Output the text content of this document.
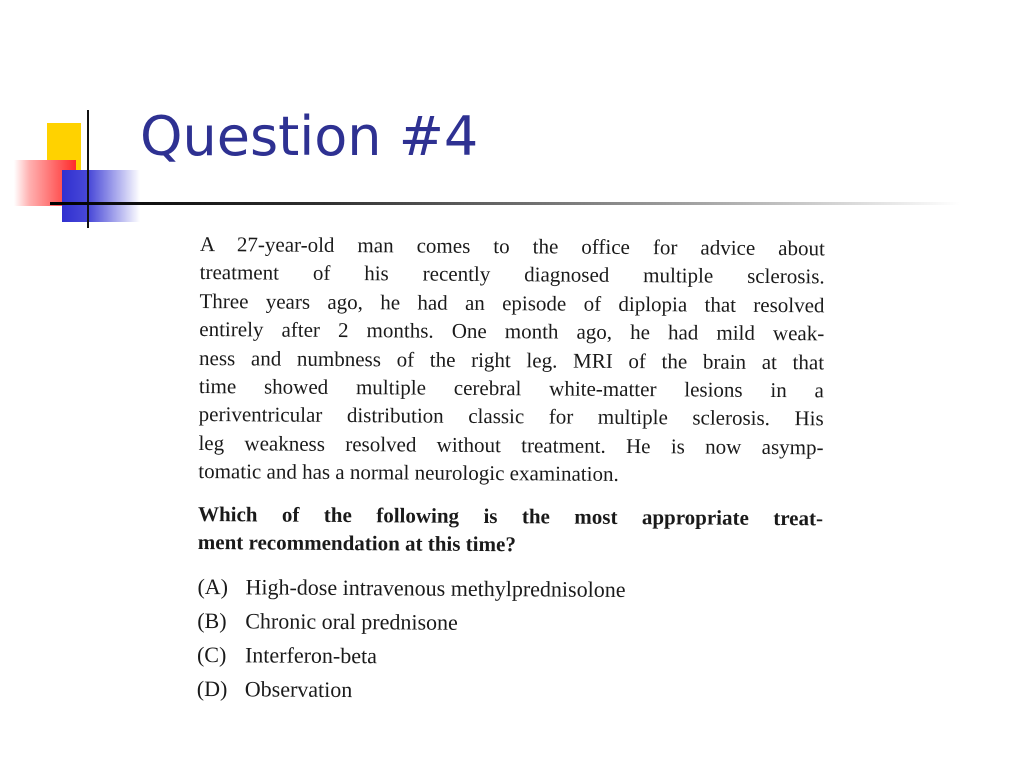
Question #4
A 27-year-old man comes to the office for advice about
treatment of his recently diagnosed multiple sclerosis.
Three years ago, he had an episode of diplopia that resolved
entirely after 2 months. One month ago, he had mild weak-
ness and numbness of the right leg. MRI of the brain at that
time showed multiple cerebral white-matter lesions in a
periventricular distribution classic for multiple sclerosis. His
leg weakness resolved without treatment. He is now asymp-
tomatic and has a normal neurologic examination.
Which of the following is the most appropriate treat-
ment recommendation at this time?
(A) High-dose intravenous methylprednisolone
(B) Chronic oral prednisone
(C) Interferon-beta
(D) Observation
